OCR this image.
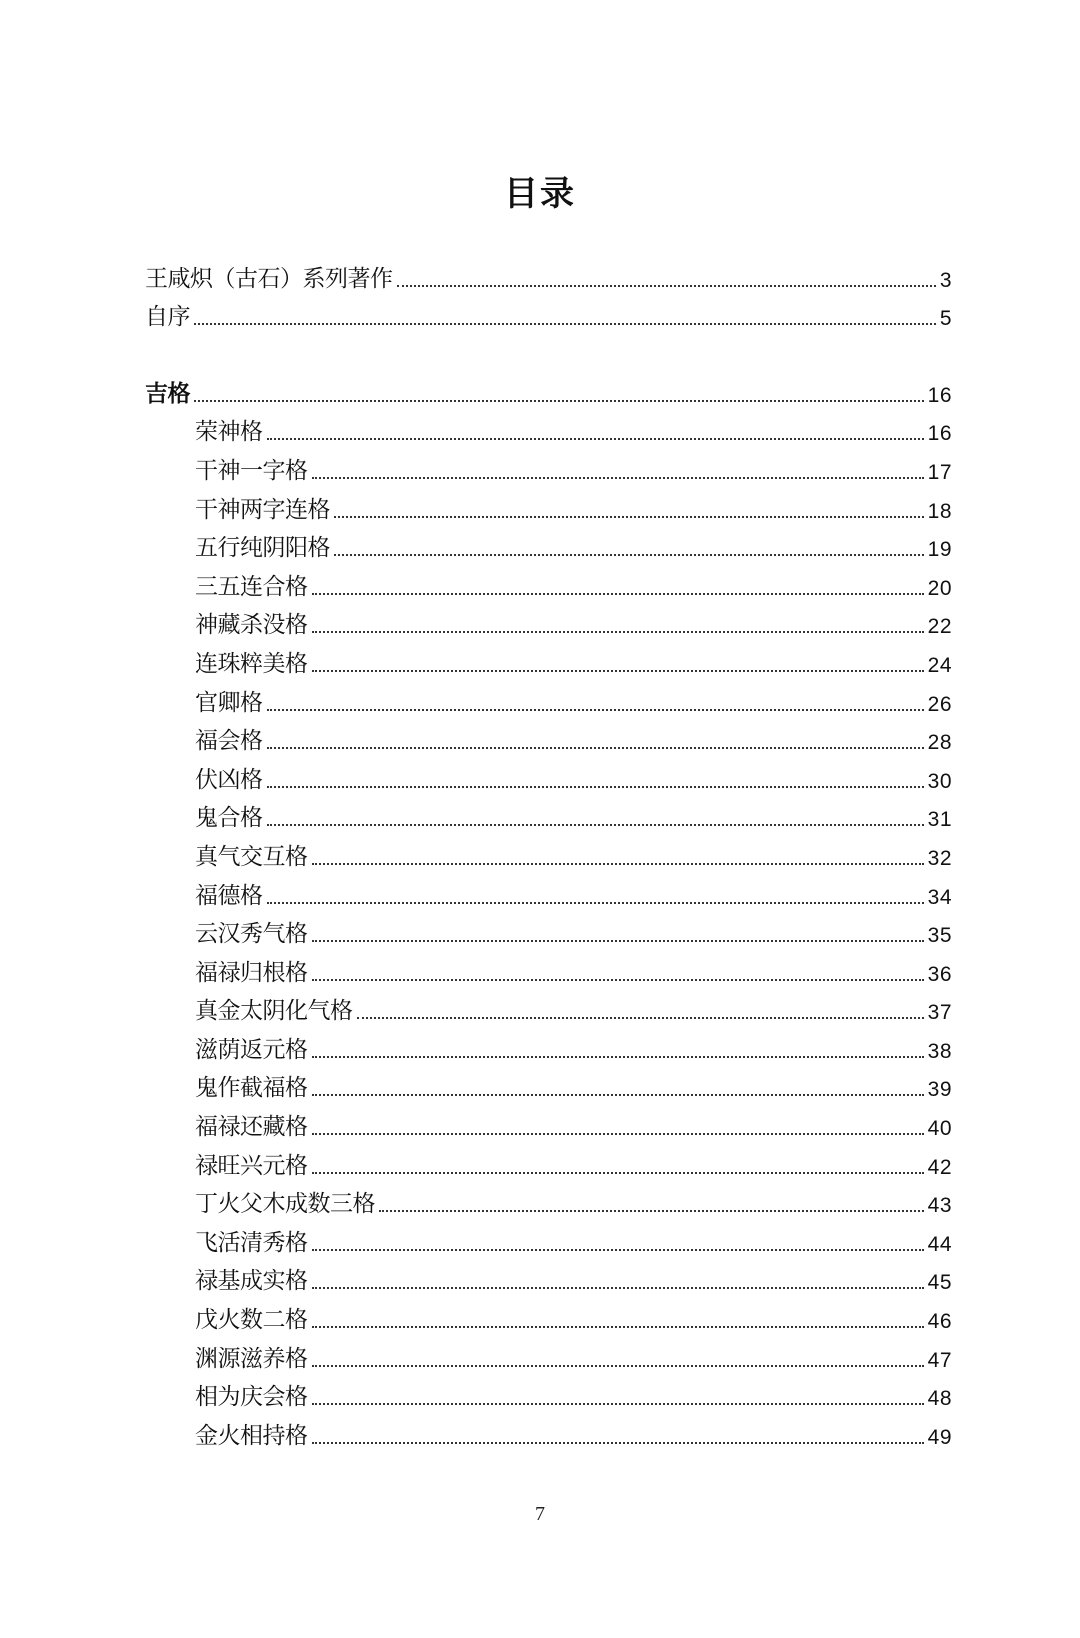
目录
王咸炽（古石）系列著作	3
自序	5
吉格	16
荣神格	16
干神一字格	17
干神两字连格	18
五行纯阴阳格	19
三五连合格	20
神藏杀没格	22
连珠粹美格	24
官卿格	26
福会格	28
伏凶格	30
鬼合格	31
真气交互格	32
福德格	34
云汉秀气格	35
福禄归根格	36
真金太阴化气格	37
滋荫返元格	38
鬼作截福格	39
福禄还藏格	40
禄旺兴元格	42
丁火父木成数三格	43
飞活清秀格	44
禄基成实格	45
戊火数二格	46
渊源滋养格	47
相为庆会格	48
金火相持格	49
7
